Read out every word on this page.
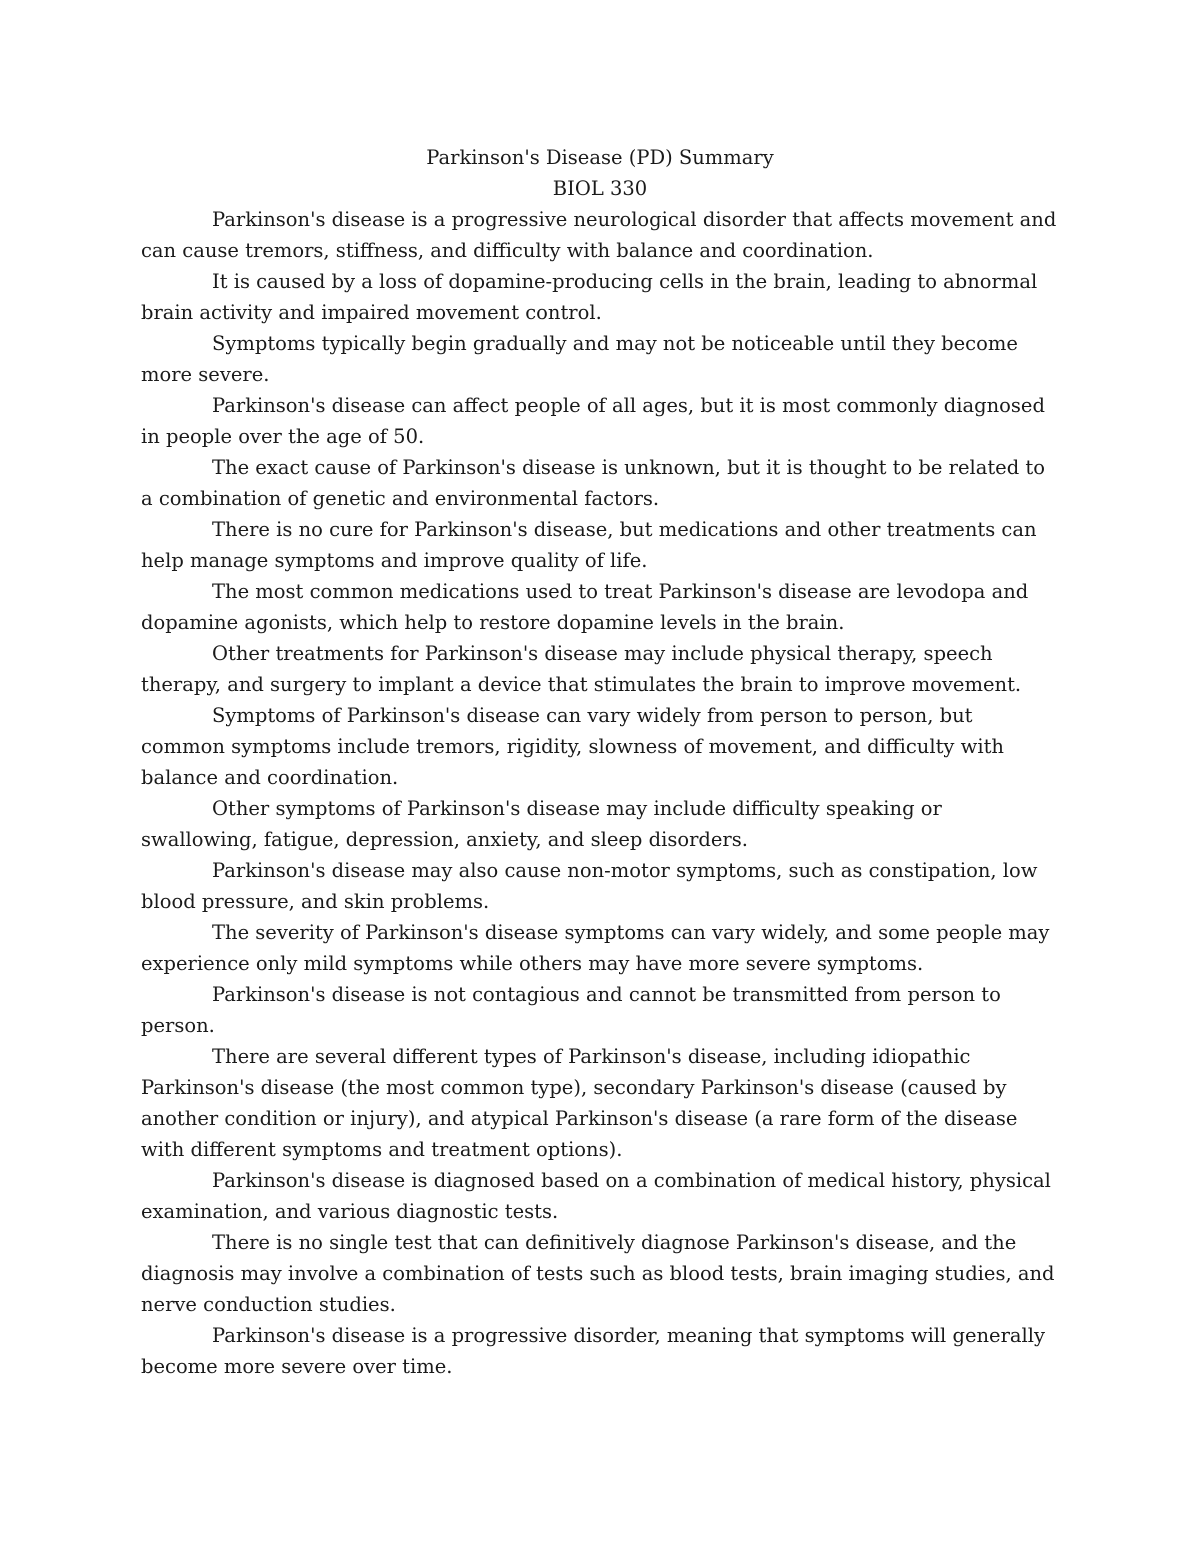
Parkinson's Disease (PD) Summary
BIOL 330

Parkinson's disease is a progressive neurological disorder that affects movement and can cause tremors, stiffness, and difficulty with balance and coordination.

It is caused by a loss of dopamine-producing cells in the brain, leading to abnormal brain activity and impaired movement control.

Symptoms typically begin gradually and may not be noticeable until they become more severe.

Parkinson's disease can affect people of all ages, but it is most commonly diagnosed in people over the age of 50.

The exact cause of Parkinson's disease is unknown, but it is thought to be related to a combination of genetic and environmental factors.

There is no cure for Parkinson's disease, but medications and other treatments can help manage symptoms and improve quality of life.

The most common medications used to treat Parkinson's disease are levodopa and dopamine agonists, which help to restore dopamine levels in the brain.

Other treatments for Parkinson's disease may include physical therapy, speech therapy, and surgery to implant a device that stimulates the brain to improve movement.

Symptoms of Parkinson's disease can vary widely from person to person, but common symptoms include tremors, rigidity, slowness of movement, and difficulty with balance and coordination.

Other symptoms of Parkinson's disease may include difficulty speaking or swallowing, fatigue, depression, anxiety, and sleep disorders.

Parkinson's disease may also cause non-motor symptoms, such as constipation, low blood pressure, and skin problems.

The severity of Parkinson's disease symptoms can vary widely, and some people may experience only mild symptoms while others may have more severe symptoms.

Parkinson's disease is not contagious and cannot be transmitted from person to person.

There are several different types of Parkinson's disease, including idiopathic Parkinson's disease (the most common type), secondary Parkinson's disease (caused by another condition or injury), and atypical Parkinson's disease (a rare form of the disease with different symptoms and treatment options).

Parkinson's disease is diagnosed based on a combination of medical history, physical examination, and various diagnostic tests.

There is no single test that can definitively diagnose Parkinson's disease, and the diagnosis may involve a combination of tests such as blood tests, brain imaging studies, and nerve conduction studies.

Parkinson's disease is a progressive disorder, meaning that symptoms will generally become more severe over time.
